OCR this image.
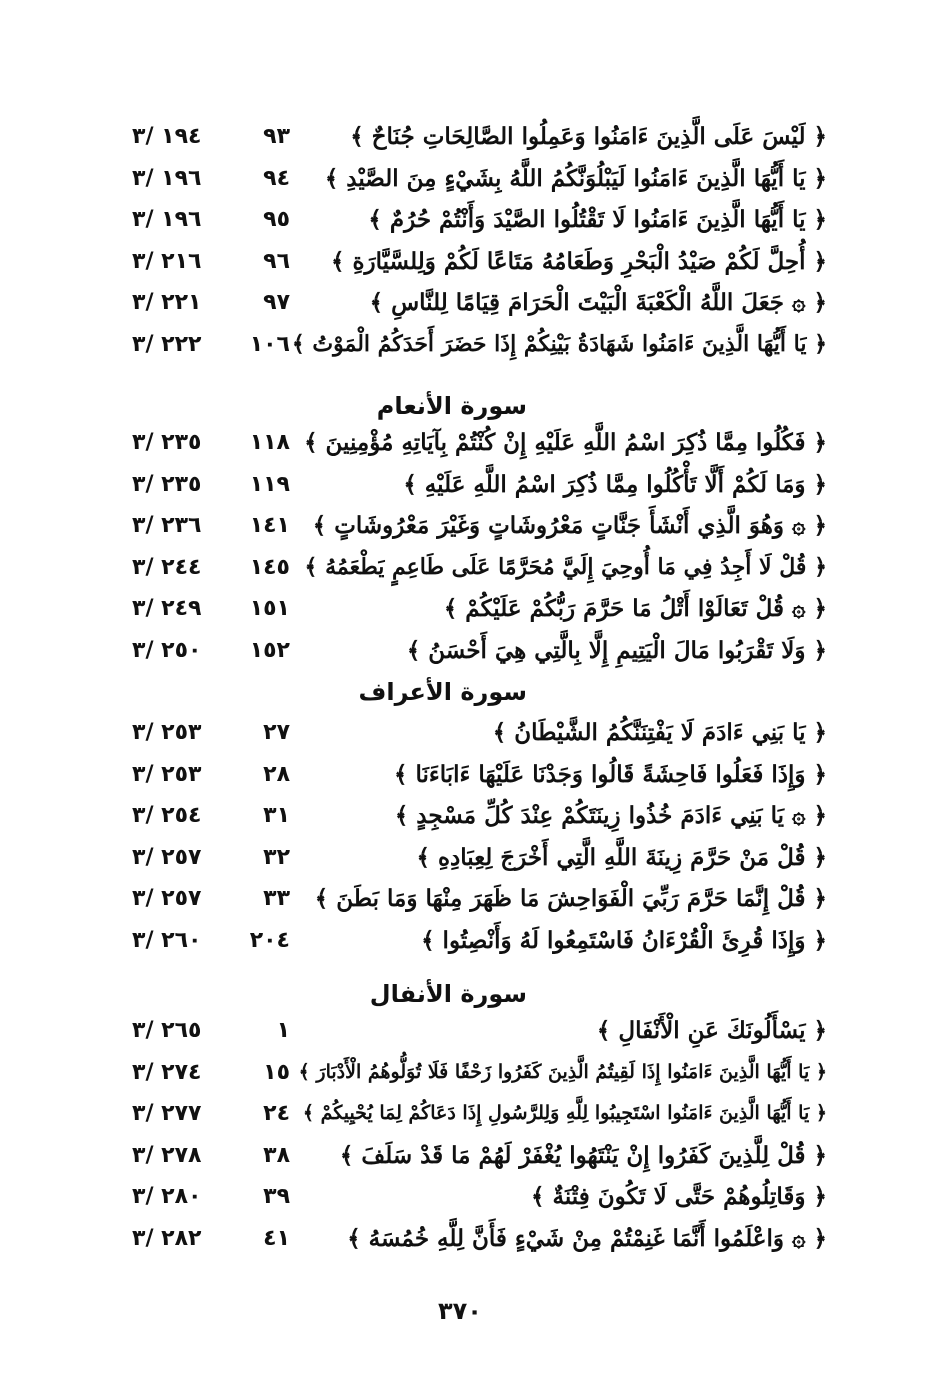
﴿ لَيْسَ عَلَى الَّذِينَ ءَامَنُوا وَعَمِلُوا الصَّالِحَاتِ جُنَاحٌ ﴾
٩٣
١٩٤ /٣
﴿ يَا أَيُّهَا الَّذِينَ ءَامَنُوا لَيَبْلُوَنَّكُمُ اللَّهُ بِشَيْءٍ مِنَ الصَّيْدِ ﴾
٩٤
١٩٦ /٣
﴿ يَا أَيُّهَا الَّذِينَ ءَامَنُوا لَا تَقْتُلُوا الصَّيْدَ وَأَنْتُمْ حُرُمٌ ﴾
٩٥
١٩٦ /٣
﴿ أُحِلَّ لَكُمْ صَيْدُ الْبَحْرِ وَطَعَامُهُ مَتَاعًا لَكُمْ وَلِلسَّيَّارَةِ ﴾
٩٦
٢١٦ /٣
﴿ ۞ جَعَلَ اللَّهُ الْكَعْبَةَ الْبَيْتَ الْحَرَامَ قِيَامًا لِلنَّاسِ ﴾
٩٧
٢٢١ /٣
﴿ يَا أَيُّهَا الَّذِينَ ءَامَنُوا شَهَادَةُ بَيْنِكُمْ إِذَا حَضَرَ أَحَدَكُمُ الْمَوْتُ ﴾
١٠٦
٢٢٢ /٣
سورة الأنعام
﴿ فَكُلُوا مِمَّا ذُكِرَ اسْمُ اللَّهِ عَلَيْهِ إِنْ كُنْتُمْ بِآيَاتِهِ مُؤْمِنِينَ ﴾
١١٨
٢٣٥ /٣
﴿ وَمَا لَكُمْ أَلَّا تَأْكُلُوا مِمَّا ذُكِرَ اسْمُ اللَّهِ عَلَيْهِ ﴾
١١٩
٢٣٥ /٣
﴿ ۞ وَهُوَ الَّذِي أَنْشَأَ جَنَّاتٍ مَعْرُوشَاتٍ وَغَيْرَ مَعْرُوشَاتٍ ﴾
١٤١
٢٣٦ /٣
﴿ قُلْ لَا أَجِدُ فِي مَا أُوحِيَ إِلَيَّ مُحَرَّمًا عَلَى طَاعِمٍ يَطْعَمُهُ ﴾
١٤٥
٢٤٤ /٣
﴿ ۞ قُلْ تَعَالَوْا أَتْلُ مَا حَرَّمَ رَبُّكُمْ عَلَيْكُمْ ﴾
١٥١
٢٤٩ /٣
﴿ وَلَا تَقْرَبُوا مَالَ الْيَتِيمِ إِلَّا بِالَّتِي هِيَ أَحْسَنُ ﴾
١٥٢
٢٥٠ /٣
سورة الأعراف
﴿ يَا بَنِي ءَادَمَ لَا يَفْتِنَنَّكُمُ الشَّيْطَانُ ﴾
٢٧
٢٥٣ /٣
﴿ وَإِذَا فَعَلُوا فَاحِشَةً قَالُوا وَجَدْنَا عَلَيْهَا ءَابَاءَنَا ﴾
٢٨
٢٥٣ /٣
﴿ ۞ يَا بَنِي ءَادَمَ خُذُوا زِينَتَكُمْ عِنْدَ كُلِّ مَسْجِدٍ ﴾
٣١
٢٥٤ /٣
﴿ قُلْ مَنْ حَرَّمَ زِينَةَ اللَّهِ الَّتِي أَخْرَجَ لِعِبَادِهِ ﴾
٣٢
٢٥٧ /٣
﴿ قُلْ إِنَّمَا حَرَّمَ رَبِّيَ الْفَوَاحِشَ مَا ظَهَرَ مِنْهَا وَمَا بَطَنَ ﴾
٣٣
٢٥٧ /٣
﴿ وَإِذَا قُرِئَ الْقُرْءَانُ فَاسْتَمِعُوا لَهُ وَأَنْصِتُوا ﴾
٢٠٤
٢٦٠ /٣
سورة الأنفال
﴿ يَسْأَلُونَكَ عَنِ الْأَنْفَالِ ﴾
١
٢٦٥ /٣
﴿ يَا أَيُّهَا الَّذِينَ ءَامَنُوا إِذَا لَقِيتُمُ الَّذِينَ كَفَرُوا زَحْفًا فَلَا تُوَلُّوهُمُ الْأَدْبَارَ ﴾
١٥
٢٧٤ /٣
﴿ يَا أَيُّهَا الَّذِينَ ءَامَنُوا اسْتَجِيبُوا لِلَّهِ وَلِلرَّسُولِ إِذَا دَعَاكُمْ لِمَا يُحْيِيكُمْ ﴾
٢٤
٢٧٧ /٣
﴿ قُلْ لِلَّذِينَ كَفَرُوا إِنْ يَنْتَهُوا يُغْفَرْ لَهُمْ مَا قَدْ سَلَفَ ﴾
٣٨
٢٧٨ /٣
﴿ وَقَاتِلُوهُمْ حَتَّى لَا تَكُونَ فِتْنَةٌ ﴾
٣٩
٢٨٠ /٣
﴿ ۞ وَاعْلَمُوا أَنَّمَا غَنِمْتُمْ مِنْ شَيْءٍ فَأَنَّ لِلَّهِ خُمُسَهُ ﴾
٤١
٢٨٢ /٣
٣٧٠
